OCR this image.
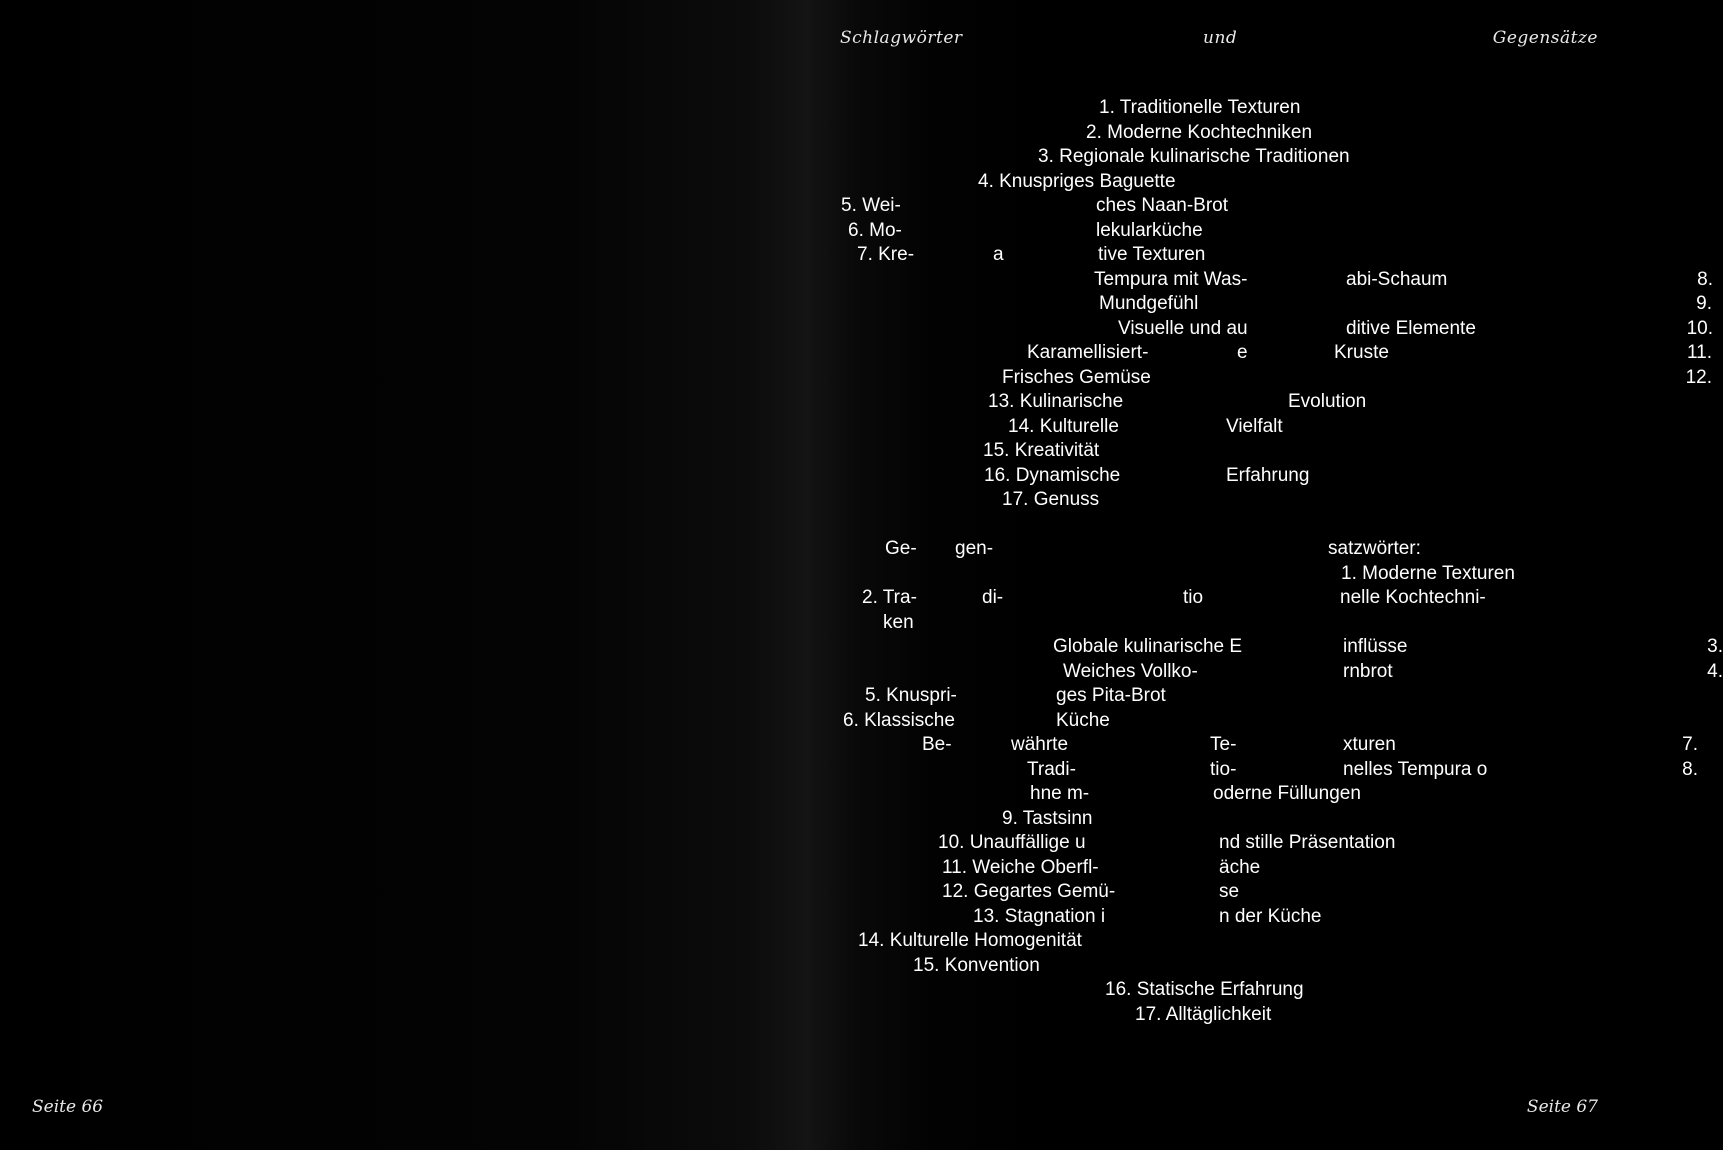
Seite 66
Schlagwörter	und	Gegensätze
1. Traditionelle Texturen
2. Moderne Kochtechniken
3. Regionale kulinarische Traditionen
4. Knuspriges Baguette
5. Wei-	ches Naan-Brot
6. Mo-	lekularküche
7. Kre-	a	tive Texturen
8.
Tempura mit Was-	abi-Schaum
9.
Mundgefühl
10.
Visuelle und au	ditive Elemente
11.
Karamellisiert-	e	Kruste
12.
Frisches Gemüse
13. Kulinarische	Evolution
14. Kulturelle	Vielfalt
15. Kreativität
16. Dynamische	Erfahrung
17. Genuss
Ge- gen-	satzwörter:
1. Moderne Texturen
2. Tra-	di-	tio	nelle Kochtechni-
ken
3.
Globale kulinarische E	inflüsse
4.
Weiches Vollko-	rnbrot
5. Knuspri-	ges Pita-Brot
6. Klassische	Küche
7.
Be-	währte	Te-	xturen
8.
Tradi-	tio-	nelles Tempura o
hne m-	oderne Füllungen
9. Tastsinn
10. Unauffällige u	nd stille Präsentation
11. Weiche Oberfl-	äche
12. Gegartes Gemü-	se
13. Stagnation i	n der Küche
14. Kulturelle Homogenität
15. Konvention
16. Statische Erfahrung
17. Alltäglichkeit
Seite 67
